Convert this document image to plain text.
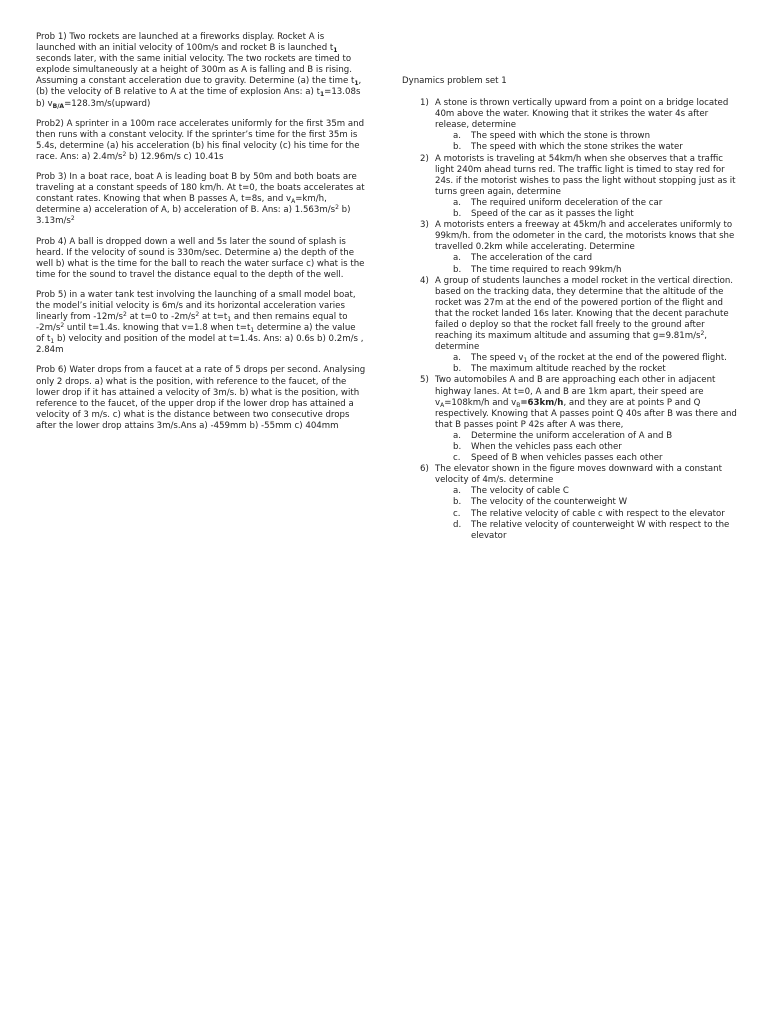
Prob 1) Two rockets are launched at a fireworks display. Rocket A is launched with an initial velocity of 100m/s and rocket B is launched $t_1$ seconds later, with the same initial velocity. The two rockets are timed to explode simultaneously at a height of 300m as A is falling and B is rising. Assuming a constant acceleration due to gravity. Determine (a) the time $t_1$, (b) the velocity of B relative to A at the time of explosion Ans: a) $t_1=13.08s$ b) $v_{B/A}=128.3m/s(upward)$

Prob2) A sprinter in a 100m race accelerates uniformly for the first 35m and then runs with a constant velocity. If the sprinter’s time for the first 35m is 5.4s, determine (a) his acceleration (b) his final velocity (c) his time for the race. Ans: a) $2.4m/s^2$ b) 12.96m/s c) 10.41s

Prob 3) In a boat race, boat A is leading boat B by 50m and both boats are traveling at a constant speeds of 180 km/h. At t=0, the boats accelerates at constant rates. Knowing that when B passes A, t=8s, and $v_A=km/h$, determine a) acceleration of A, b) acceleration of B. Ans: a) $1.563m/s^2$ b) $3.13m/s^2$

Prob 4) A ball is dropped down a well and 5s later the sound of splash is heard. If the velocity of sound is 330m/sec. Determine a) the depth of the well b) what is the time for the ball to reach the water surface c) what is the time for the sound to travel the distance equal to the depth of the well.

Prob 5) in a water tank test involving the launching of a small model boat, the model’s initial velocity is 6m/s and its horizontal acceleration varies linearly from $-12m/s^2$ at t=0 to $-2m/s^2$ at $t=t_1$ and then remains equal to $-2m/s^2$ until t=1.4s. knowing that v=1.8 when $t=t_1$ determine a) the value of $t_1$ b) velocity and position of the model at t=1.4s. Ans: a) 0.6s b) 0.2m/s , 2.84m

Prob 6) Water drops from a faucet at a rate of 5 drops per second. Analysing only 2 drops. a) what is the position, with reference to the faucet, of the lower drop if it has attained a velocity of 3m/s. b) what is the position, with reference to the faucet, of the upper drop if the lower drop has attained a velocity of 3 m/s. c) what is the distance between two consecutive drops after the lower drop attains 3m/s.Ans a) -459mm b) -55mm c) 404mm

Dynamics problem set 1
1) A stone is thrown vertically upward from a point on a bridge located 40m above the water. Knowing that it strikes the water 4s after release, determine
a. The speed with which the stone is thrown
b. The speed with which the stone strikes the water
2) A motorists is traveling at 54km/h when she observes that a traffic light 240m ahead turns red. The traffic light is timed to stay red for 24s. if the motorist wishes to pass the light without stopping just as it turns green again, determine
a. The required uniform deceleration of the car
b. Speed of the car as it passes the light
3) A motorists enters a freeway at 45km/h and accelerates uniformly to 99km/h. from the odometer in the card, the motorists knows that she travelled 0.2km while accelerating. Determine
a. The acceleration of the card
b. The time required to reach 99km/h
4) A group of students launches a model rocket in the vertical direction. based on the tracking data, they determine that the altitude of the rocket was 27m at the end of the powered portion of the flight and that the rocket landed 16s later. Knowing that the decent parachute failed o deploy so that the rocket fall freely to the ground after reaching its maximum altitude and assuming that $g=9.81m/s^2$, determine
a. The speed $v_1$ of the rocket at the end of the powered flight.
b. The maximum altitude reached by the rocket
5) Two automobiles A and B are approaching each other in adjacent highway lanes. At t=0, A and B are 1km apart, their speed are $v_A=108km/h$ and $v_B=63km/h$, and they are at points P and Q respectively. Knowing that A passes point Q 40s after B was there and that B passes point P 42s after A was there,
a. Determine the uniform acceleration of A and B
b. When the vehicles pass each other
c. Speed of B when vehicles passes each other
6) The elevator shown in the figure moves downward with a constant velocity of 4m/s. determine
a. The velocity of cable C
b. The velocity of the counterweight W
c. The relative velocity of cable c with respect to the elevator
d. The relative velocity of counterweight W with respect to the elevator
